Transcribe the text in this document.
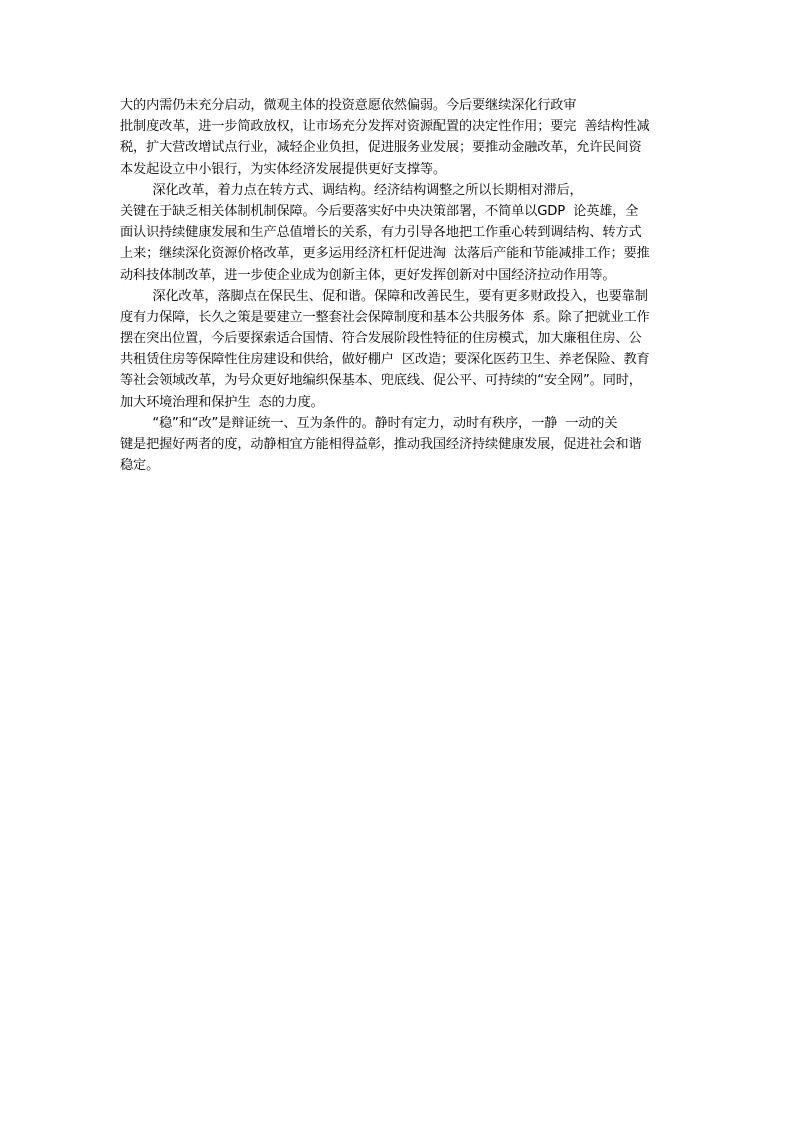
大的内需仍未充分启动，微观主体的投资意愿依然偏弱。今后要继续深化行政审
批制度改革，进一步简政放权，让市场充分发挥对资源配置的决定性作用；要完  善结构性减
税，扩大营改增试点行业，减轻企业负担，促进服务业发展；要推动金融改革，允许民间资
本发起设立中小银行，为实体经济发展提供更好支撑等。
深化改革，着力点在转方式、调结构。经济结构调整之所以长期相对滞后，
关键在于缺乏相关体制机制保障。今后要落实好中央决策部署，不简单以GDP  论英雄，全
面认识持续健康发展和生产总值增长的关系，有力引导各地把工作重心转到调结构、转方式
上来；继续深化资源价格改革，更多运用经济杠杆促进淘  汰落后产能和节能减排工作；要推
动科技体制改革，进一步使企业成为创新主体，更好发挥创新对中国经济拉动作用等。
深化改革，落脚点在保民生、促和谐。保障和改善民生，要有更多财政投入，也要靠制
度有力保障，长久之策是要建立一整套社会保障制度和基本公共服务体  系。除了把就业工作
摆在突出位置，今后要探索适合国情、符合发展阶段性特征的住房模式，加大廉租住房、公
共租赁住房等保障性住房建设和供给，做好棚户  区改造；要深化医药卫生、养老保险、教育
等社会领域改革，为号众更好地编织保基本、兜底线、促公平、可持续的“安全网”。同时，
加大环境治理和保护生  态的力度。
“稳”和“改”是辩证统一、互为条件的。静时有定力，动时有秩序，一静  一动的关
键是把握好两者的度，动静相宜方能相得益彰，推动我国经济持续健康发展，促进社会和谐
稳定。
